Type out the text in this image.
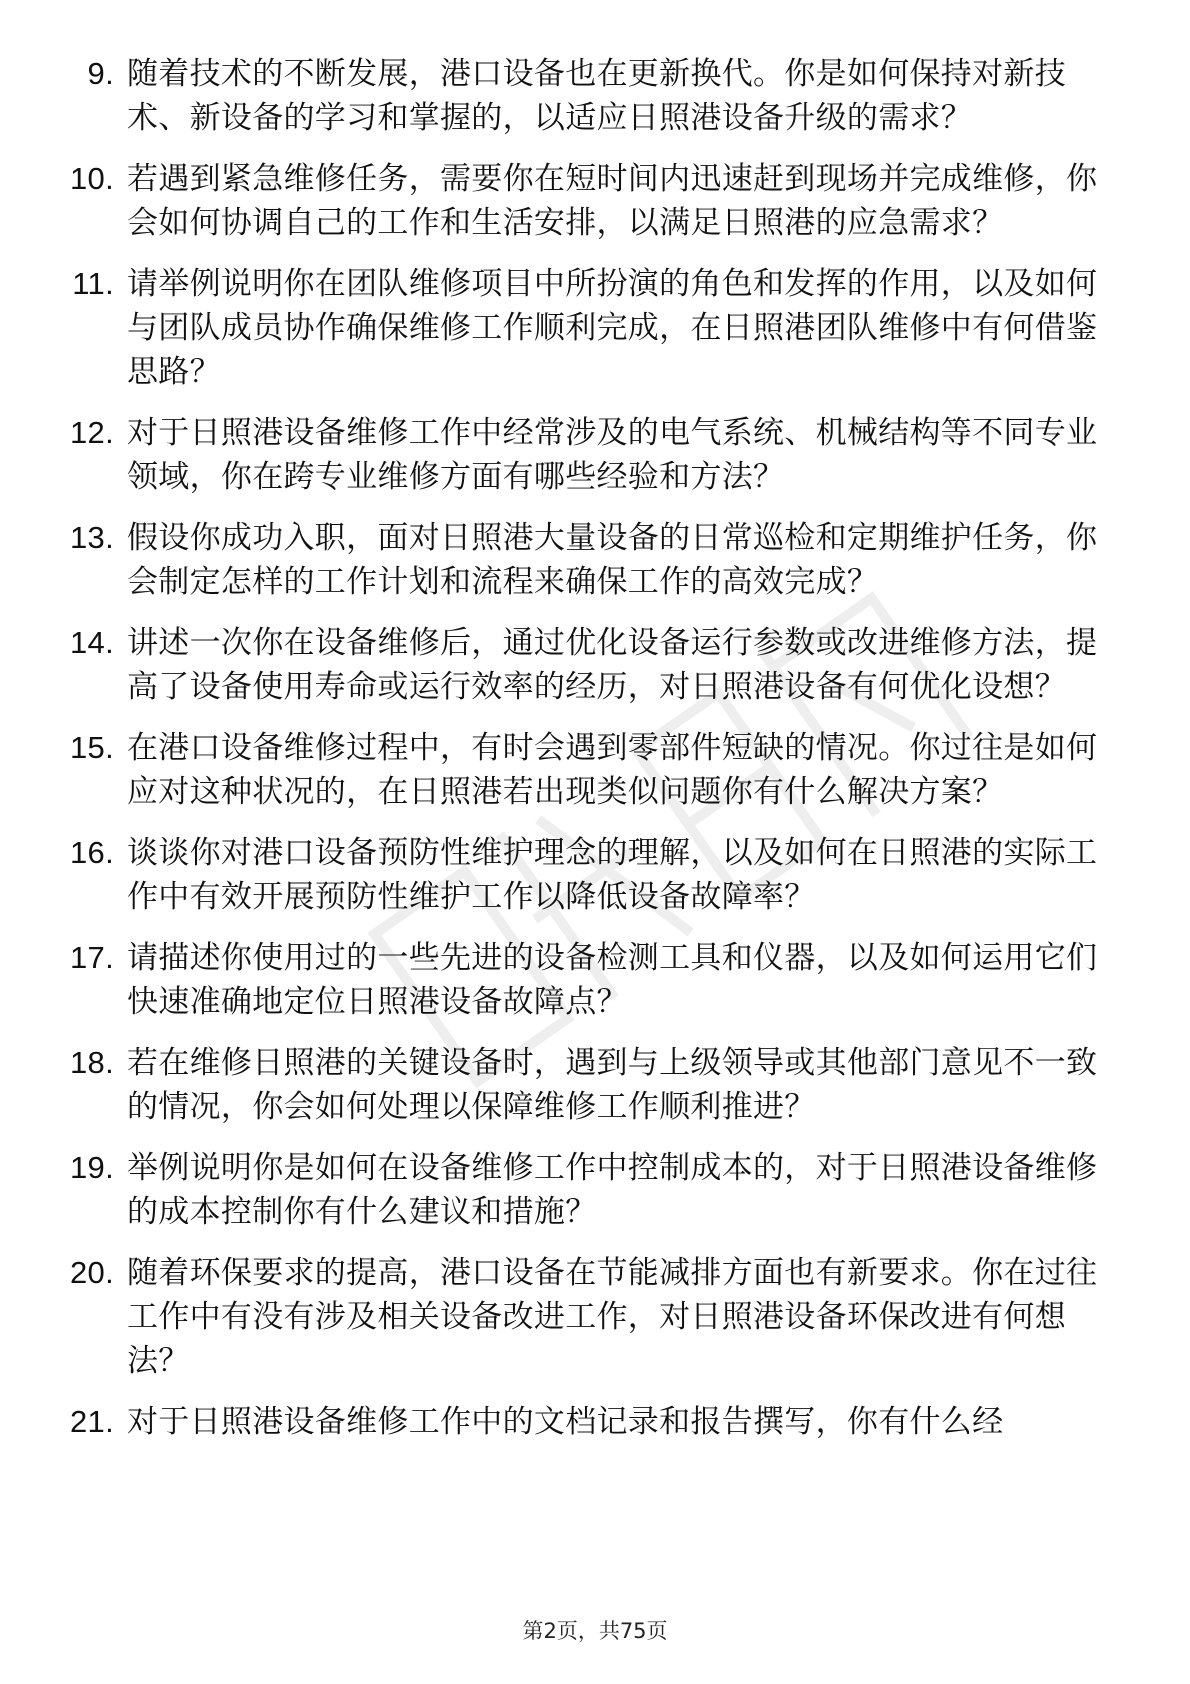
9. 随着技术的不断发展，港口设备也在更新换代。你是如何保持对新技术、新设备的学习和掌握的，以适应日照港设备升级的需求？
10. 若遇到紧急维修任务，需要你在短时间内迅速赶到现场并完成维修，你会如何协调自己的工作和生活安排，以满足日照港的应急需求？
11. 请举例说明你在团队维修项目中所扮演的角色和发挥的作用，以及如何与团队成员协作确保维修工作顺利完成，在日照港团队维修中有何借鉴思路？
12. 对于日照港设备维修工作中经常涉及的电气系统、机械结构等不同专业领域，你在跨专业维修方面有哪些经验和方法？
13. 假设你成功入职，面对日照港大量设备的日常巡检和定期维护任务，你会制定怎样的工作计划和流程来确保工作的高效完成？
14. 讲述一次你在设备维修后，通过优化设备运行参数或改进维修方法，提高了设备使用寿命或运行效率的经历，对日照港设备有何优化设想？
15. 在港口设备维修过程中，有时会遇到零部件短缺的情况。你过往是如何应对这种状况的，在日照港若出现类似问题你有什么解决方案？
16. 谈谈你对港口设备预防性维护理念的理解，以及如何在日照港的实际工作中有效开展预防性维护工作以降低设备故障率？
17. 请描述你使用过的一些先进的设备检测工具和仪器，以及如何运用它们快速准确地定位日照港设备故障点？
18. 若在维修日照港的关键设备时，遇到与上级领导或其他部门意见不一致的情况，你会如何处理以保障维修工作顺利推进？
19. 举例说明你是如何在设备维修工作中控制成本的，对于日照港设备维修的成本控制你有什么建议和措施？
20. 随着环保要求的提高，港口设备在节能减排方面也有新要求。你在过往工作中有没有涉及相关设备改进工作，对日照港设备环保改进有何想法？
21. 对于日照港设备维修工作中的文档记录和报告撰写，你有什么经
第2页，共75页
